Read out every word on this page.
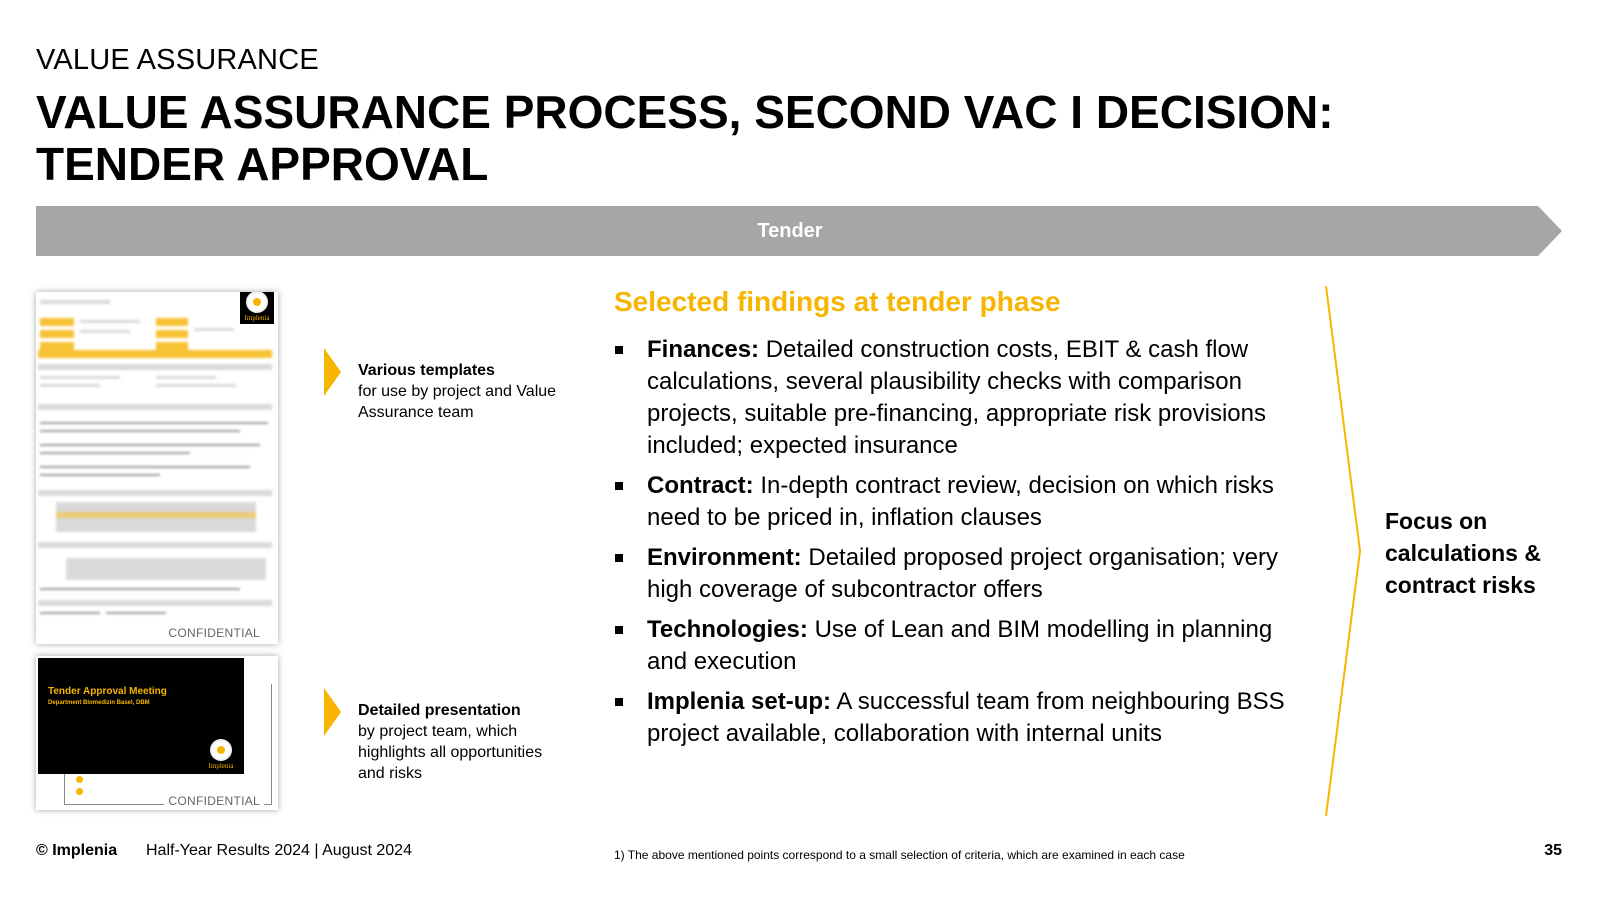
VALUE ASSURANCE
VALUE ASSURANCE PROCESS, SECOND VAC I DECISION: TENDER APPROVAL
Tender
Implenia
CONFIDENTIAL
Tender Approval Meeting
Department Biomedizin Basel, DBM
Implenia
CONFIDENTIAL
Various templates
for use by project and Value Assurance team
Detailed presentation
by project team, which highlights all opportunities and risks
Selected findings at tender phase
Finances: Detailed construction costs, EBIT & cash flow calculations, several plausibility checks with comparison projects, suitable pre-financing, appropriate risk provisions included; expected insurance
Contract: In-depth contract review, decision on which risks need to be priced in, inflation clauses
Environment: Detailed proposed project organisation; very high coverage of subcontractor offers
Technologies: Use of Lean and BIM modelling in planning and execution
Implenia set-up: A successful team from neighbouring BSS project available, collaboration with internal units
Focus on calculations & contract risks
© Implenia Half-Year Results 2024 | August 2024	1) The above mentioned points correspond to a small selection of criteria, which are examined in each case	35
